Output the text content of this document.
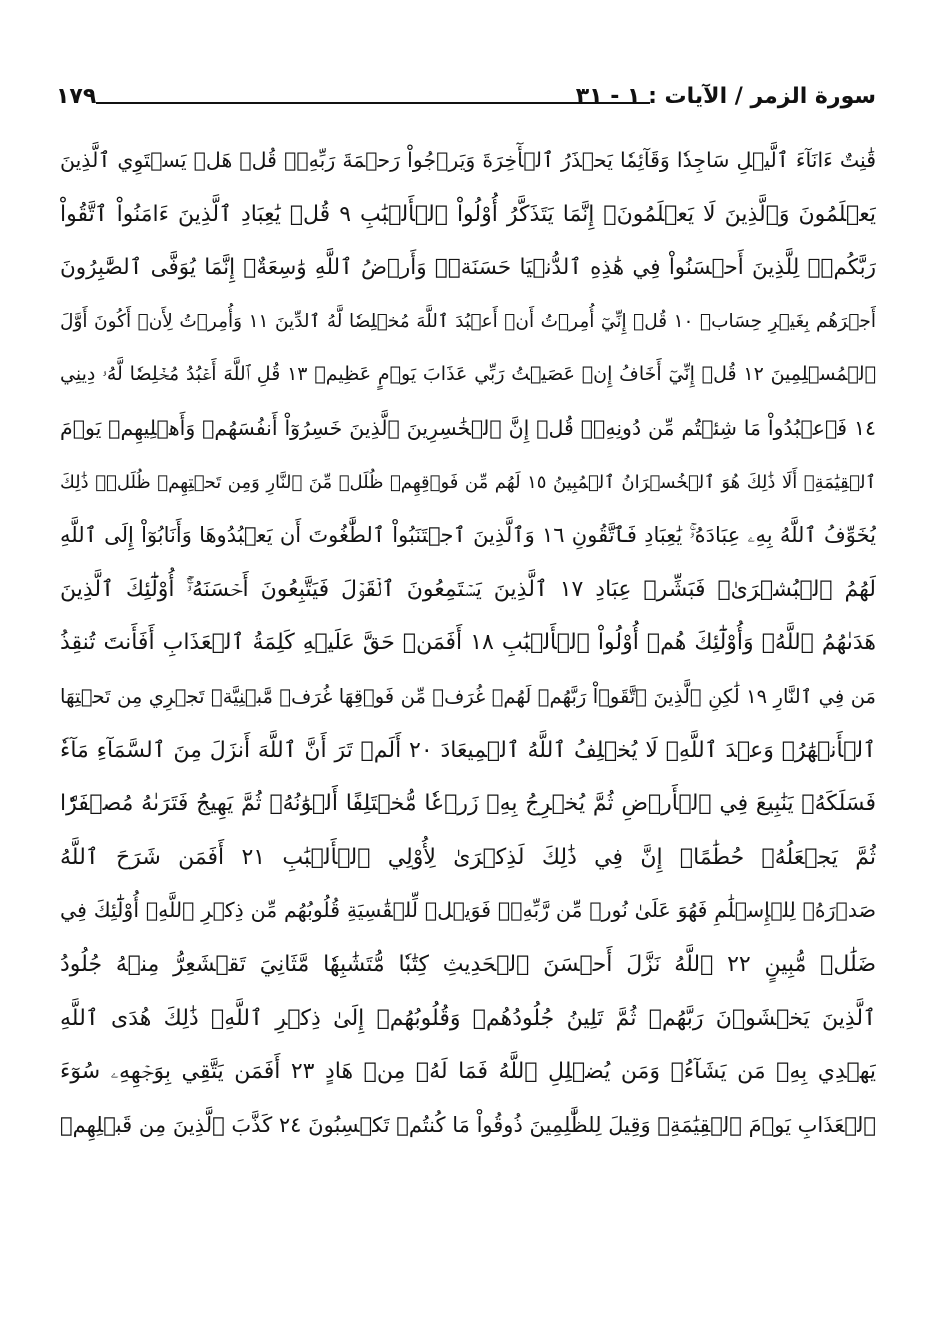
سورة الزمر / الآيات : ١ - ٣١
١٧٩
قَٰنِتٌ ءَانَآءَ ٱلَّيۡلِ سَاجِدٗا وَقَآئِمٗا يَحۡذَرُ ٱلۡأٓخِرَةَ وَيَرۡجُواْ رَحۡمَةَ رَبِّهِۦۗ قُلۡ هَلۡ يَسۡتَوِي ٱلَّذِينَ
يَعۡلَمُونَ وَٱلَّذِينَ لَا يَعۡلَمُونَۗ إِنَّمَا يَتَذَكَّرُ أُوْلُواْ ٱلۡأَلۡبَٰبِ ٩ قُلۡ يَٰعِبَادِ ٱلَّذِينَ ءَامَنُواْ ٱتَّقُواْ
رَبَّكُمۡۚ لِلَّذِينَ أَحۡسَنُواْ فِي هَٰذِهِ ٱلدُّنۡيَا حَسَنَةٞۗ وَأَرۡضُ ٱللَّهِ وَٰسِعَةٌۗ إِنَّمَا يُوَفَّى ٱلصَّٰبِرُونَ
أَجۡرَهُم بِغَيۡرِ حِسَابٖ ١٠ قُلۡ إِنِّيٓ أُمِرۡتُ أَنۡ أَعۡبُدَ ٱللَّهَ مُخۡلِصٗا لَّهُ ٱلدِّينَ ١١ وَأُمِرۡتُ لِأَنۡ أَكُونَ أَوَّلَ
ٱلۡمُسۡلِمِينَ ١٢ قُلۡ إِنِّيٓ أَخَافُ إِنۡ عَصَيۡتُ رَبِّي عَذَابَ يَوۡمٍ عَظِيمٖ ١٣ قُلِ ٱللَّهَ أَعۡبُدُ مُخۡلِصٗا لَّهُۥ دِينِي
١٤ فَٱعۡبُدُواْ مَا شِئۡتُم مِّن دُونِهِۦۗ قُلۡ إِنَّ ٱلۡخَٰسِرِينَ ٱلَّذِينَ خَسِرُوٓاْ أَنفُسَهُمۡ وَأَهۡلِيهِمۡ يَوۡمَ
ٱلۡقِيَٰمَةِۗ أَلَا ذَٰلِكَ هُوَ ٱلۡخُسۡرَانُ ٱلۡمُبِينُ ١٥ لَهُم مِّن فَوۡقِهِمۡ ظُلَلٞ مِّنَ ٱلنَّارِ وَمِن تَحۡتِهِمۡ ظُلَلٞۚ ذَٰلِكَ
يُخَوِّفُ ٱللَّهُ بِهِۦ عِبَادَهُۥۚ يَٰعِبَادِ فَٱتَّقُونِ ١٦ وَٱلَّذِينَ ٱجۡتَنَبُواْ ٱلطَّٰغُوتَ أَن يَعۡبُدُوهَا وَأَنَابُوٓاْ إِلَى ٱللَّهِ
لَهُمُ ٱلۡبُشۡرَىٰۚ فَبَشِّرۡ عِبَادِ ١٧ ٱلَّذِينَ يَسۡتَمِعُونَ ٱلۡقَوۡلَ فَيَتَّبِعُونَ أَحۡسَنَهُۥٓۚ أُوْلَٰٓئِكَ ٱلَّذِينَ
هَدَىٰهُمُ ٱللَّهُۖ وَأُوْلَٰٓئِكَ هُمۡ أُوْلُواْ ٱلۡأَلۡبَٰبِ ١٨ أَفَمَنۡ حَقَّ عَلَيۡهِ كَلِمَةُ ٱلۡعَذَابِ أَفَأَنتَ تُنقِذُ
مَن فِي ٱلنَّارِ ١٩ لَٰكِنِ ٱلَّذِينَ ٱتَّقَوۡاْ رَبَّهُمۡ لَهُمۡ غُرَفٞ مِّن فَوۡقِهَا غُرَفٞ مَّبۡنِيَّةٞ تَجۡرِي مِن تَحۡتِهَا
ٱلۡأَنۡهَٰرُۖ وَعۡدَ ٱللَّهِۖ لَا يُخۡلِفُ ٱللَّهُ ٱلۡمِيعَادَ ٢٠ أَلَمۡ تَرَ أَنَّ ٱللَّهَ أَنزَلَ مِنَ ٱلسَّمَآءِ مَآءٗ
فَسَلَكَهُۥ يَنَٰبِيعَ فِي ٱلۡأَرۡضِ ثُمَّ يُخۡرِجُ بِهِۦ زَرۡعٗا مُّخۡتَلِفًا أَلۡوَٰنُهُۥ ثُمَّ يَهِيجُ فَتَرَىٰهُ مُصۡفَرّٗا
ثُمَّ يَجۡعَلُهُۥ حُطَٰمًاۚ إِنَّ فِي ذَٰلِكَ لَذِكۡرَىٰ لِأُوْلِي ٱلۡأَلۡبَٰبِ ٢١ أَفَمَن شَرَحَ ٱللَّهُ
صَدۡرَهُۥ لِلۡإِسۡلَٰمِ فَهُوَ عَلَىٰ نُورٖ مِّن رَّبِّهِۦۚ فَوَيۡلٞ لِّلۡقَٰسِيَةِ قُلُوبُهُم مِّن ذِكۡرِ ٱللَّهِۚ أُوْلَٰٓئِكَ فِي
ضَلَٰلٖ مُّبِينٍ ٢٢ ٱللَّهُ نَزَّلَ أَحۡسَنَ ٱلۡحَدِيثِ كِتَٰبٗا مُّتَشَٰبِهٗا مَّثَانِيَ تَقۡشَعِرُّ مِنۡهُ جُلُودُ
ٱلَّذِينَ يَخۡشَوۡنَ رَبَّهُمۡ ثُمَّ تَلِينُ جُلُودُهُمۡ وَقُلُوبُهُمۡ إِلَىٰ ذِكۡرِ ٱللَّهِۚ ذَٰلِكَ هُدَى ٱللَّهِ
يَهۡدِي بِهِۦ مَن يَشَآءُۚ وَمَن يُضۡلِلِ ٱللَّهُ فَمَا لَهُۥ مِنۡ هَادٍ ٢٣ أَفَمَن يَتَّقِي بِوَجۡهِهِۦ سُوٓءَ
ٱلۡعَذَابِ يَوۡمَ ٱلۡقِيَٰمَةِۚ وَقِيلَ لِلظَّٰلِمِينَ ذُوقُواْ مَا كُنتُمۡ تَكۡسِبُونَ ٢٤ كَذَّبَ ٱلَّذِينَ مِن قَبۡلِهِمۡ
